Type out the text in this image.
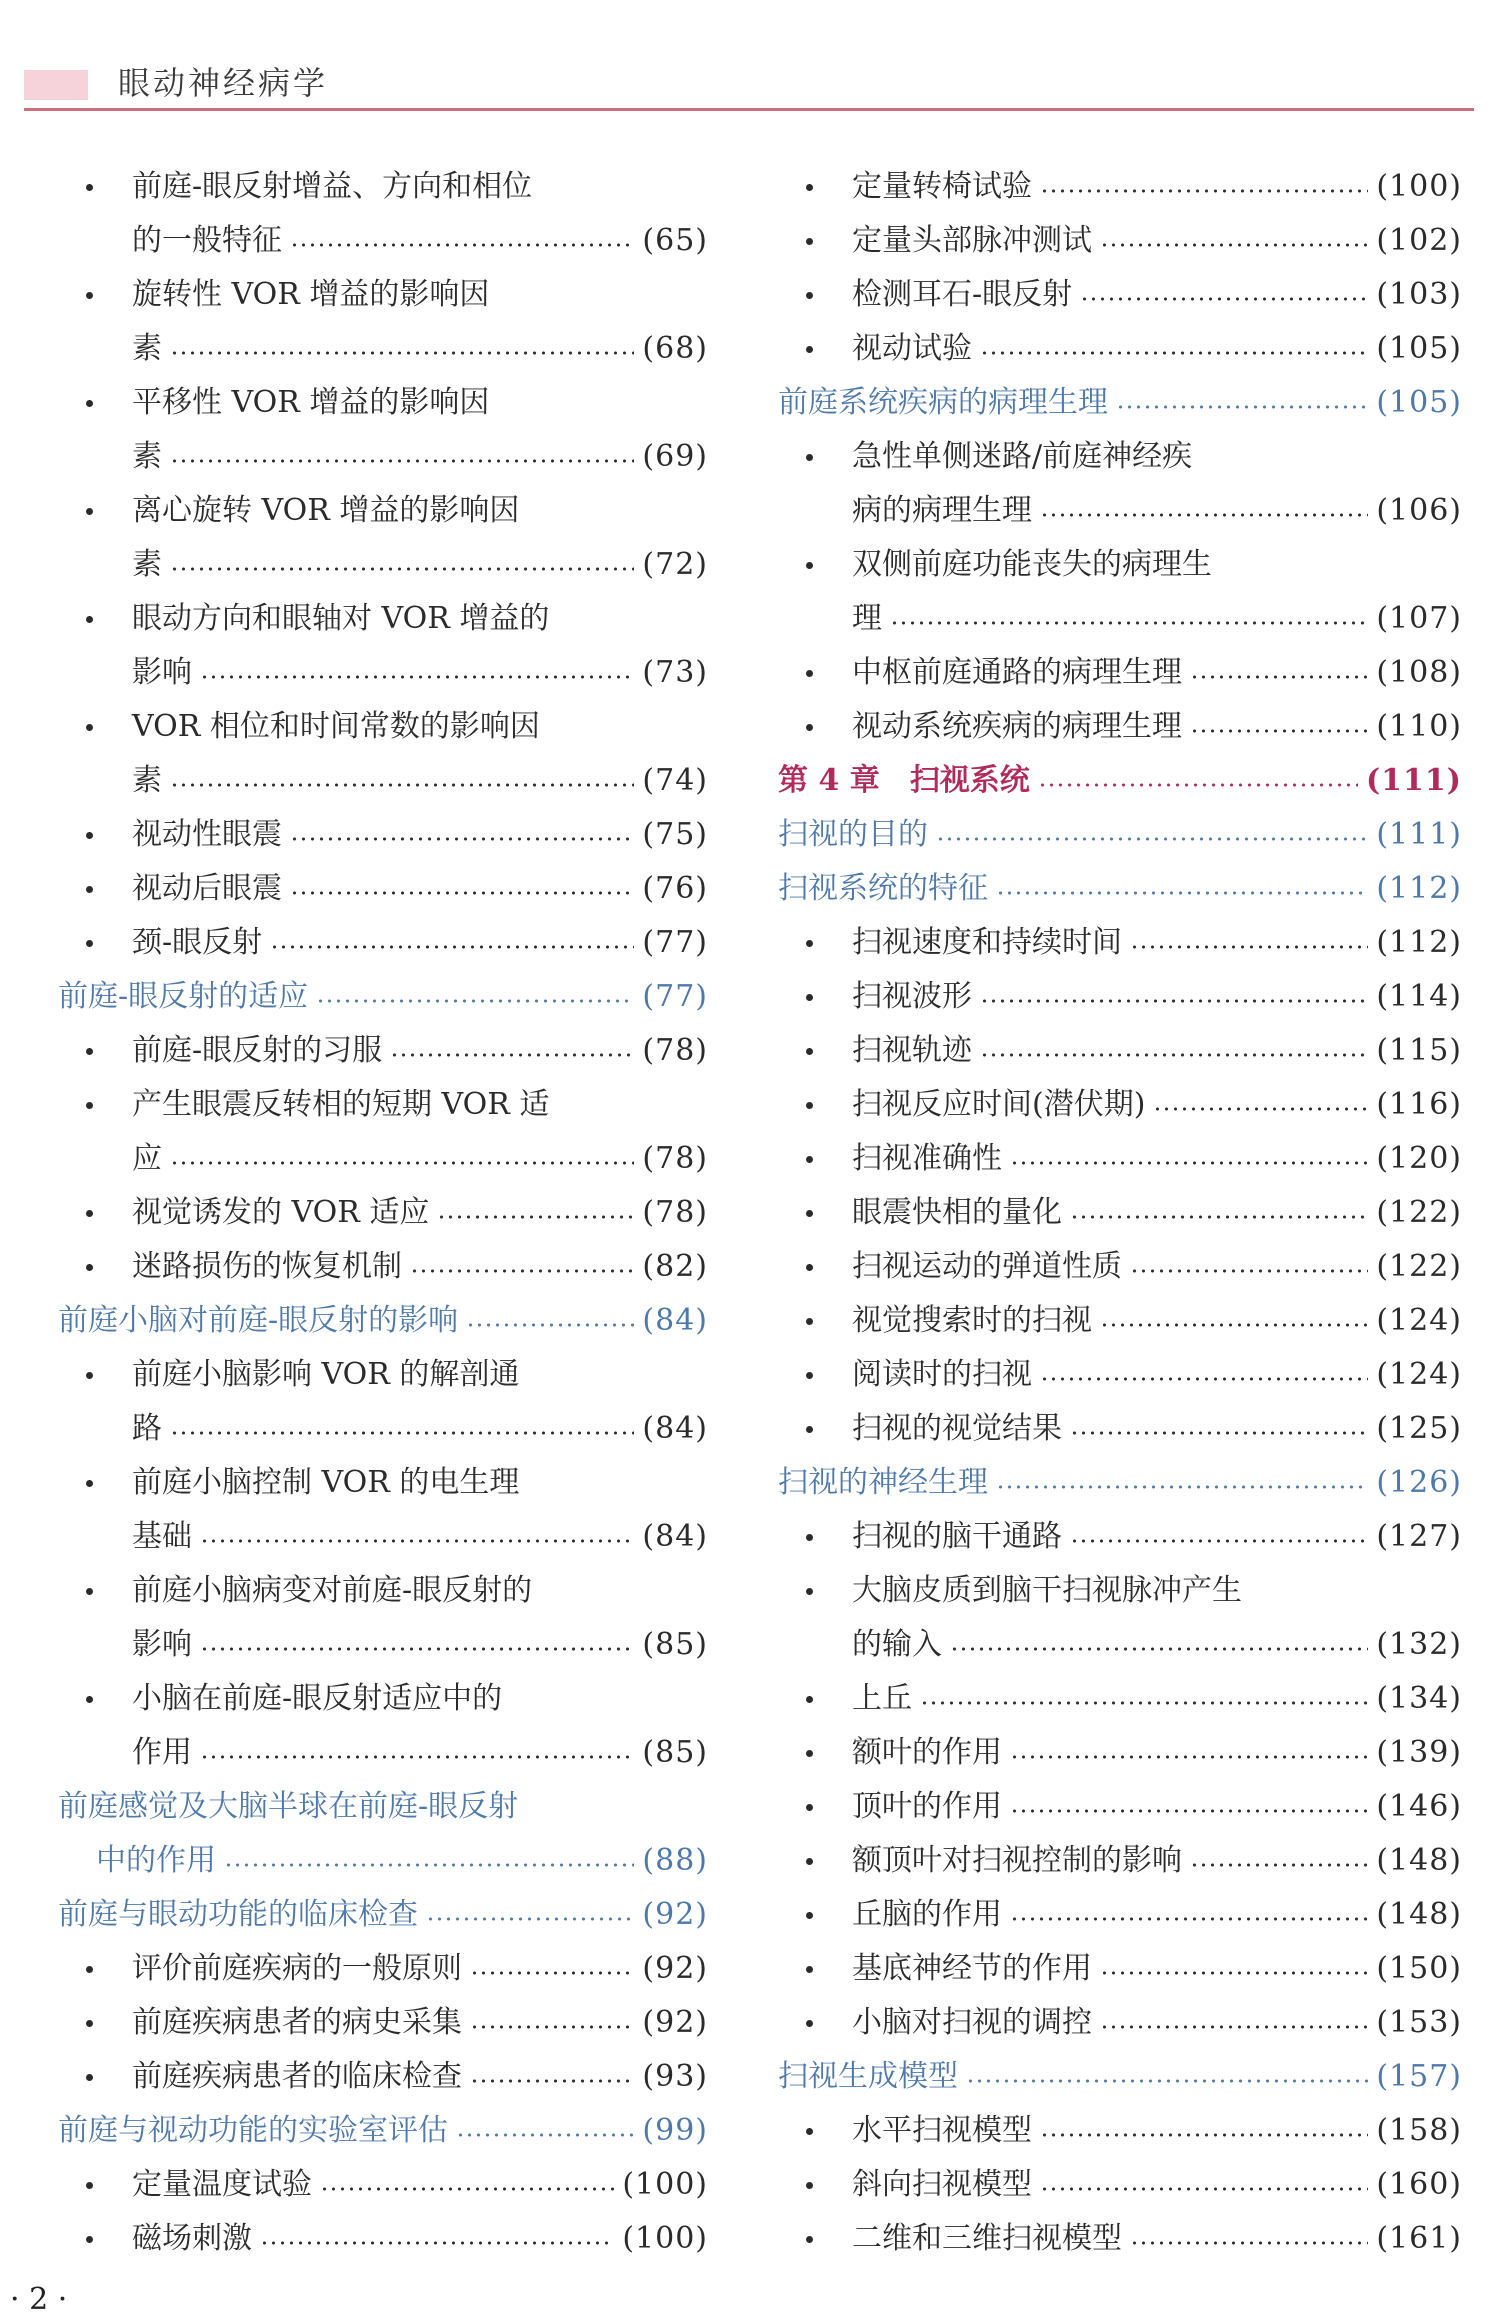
眼动神经病学
前庭-眼反射增益、方向和相位
的一般特征	(65)
旋转性 VOR 增益的影响因
素	(68)
平移性 VOR 增益的影响因
素	(69)
离心旋转 VOR 增益的影响因
素	(72)
眼动方向和眼轴对 VOR 增益的
影响	(73)
VOR 相位和时间常数的影响因
素	(74)
视动性眼震	(75)
视动后眼震	(76)
颈-眼反射	(77)
前庭-眼反射的适应	(77)
前庭-眼反射的习服	(78)
产生眼震反转相的短期 VOR 适
应	(78)
视觉诱发的 VOR 适应	(78)
迷路损伤的恢复机制	(82)
前庭小脑对前庭-眼反射的影响	(84)
前庭小脑影响 VOR 的解剖通
路	(84)
前庭小脑控制 VOR 的电生理
基础	(84)
前庭小脑病变对前庭-眼反射的
影响	(85)
小脑在前庭-眼反射适应中的
作用	(85)
前庭感觉及大脑半球在前庭-眼反射
中的作用	(88)
前庭与眼动功能的临床检查	(92)
评价前庭疾病的一般原则	(92)
前庭疾病患者的病史采集	(92)
前庭疾病患者的临床检查	(93)
前庭与视动功能的实验室评估	(99)
定量温度试验	(100)
磁场刺激	(100)
定量转椅试验	(100)
定量头部脉冲测试	(102)
检测耳石-眼反射	(103)
视动试验	(105)
前庭系统疾病的病理生理	(105)
急性单侧迷路/前庭神经疾
病的病理生理	(106)
双侧前庭功能丧失的病理生
理	(107)
中枢前庭通路的病理生理	(108)
视动系统疾病的病理生理	(110)
第 4 章　扫视系统	(111)
扫视的目的	(111)
扫视系统的特征	(112)
扫视速度和持续时间	(112)
扫视波形	(114)
扫视轨迹	(115)
扫视反应时间(潜伏期)	(116)
扫视准确性	(120)
眼震快相的量化	(122)
扫视运动的弹道性质	(122)
视觉搜索时的扫视	(124)
阅读时的扫视	(124)
扫视的视觉结果	(125)
扫视的神经生理	(126)
扫视的脑干通路	(127)
大脑皮质到脑干扫视脉冲产生
的输入	(132)
上丘	(134)
额叶的作用	(139)
顶叶的作用	(146)
额顶叶对扫视控制的影响	(148)
丘脑的作用	(148)
基底神经节的作用	(150)
小脑对扫视的调控	(153)
扫视生成模型	(157)
水平扫视模型	(158)
斜向扫视模型	(160)
二维和三维扫视模型	(161)
· 2 ·
